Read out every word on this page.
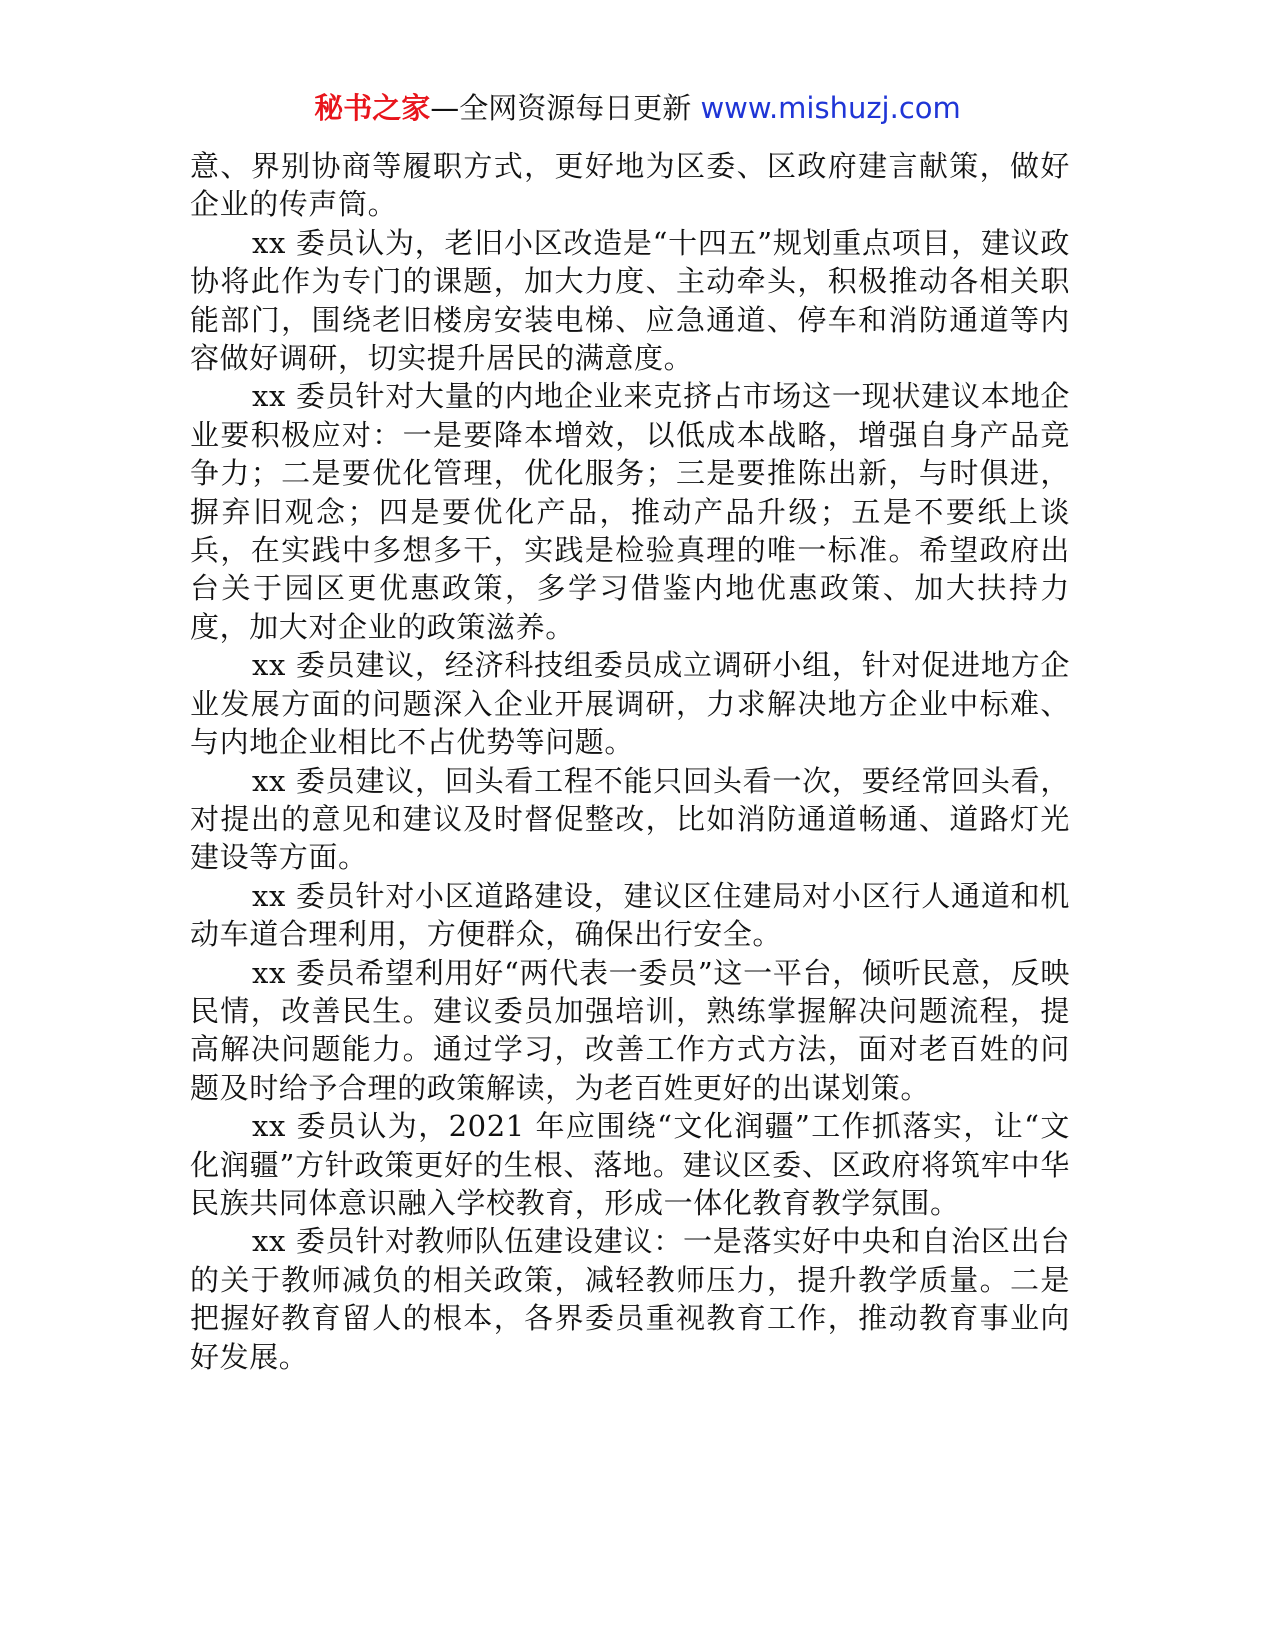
秘书之家—全网资源每日更新 www.mishuzj.com

意、界别协商等履职方式，更好地为区委、区政府建言献策，做好企业的传声筒。

xx 委员认为，老旧小区改造是“十四五”规划重点项目，建议政协将此作为专门的课题，加大力度、主动牵头，积极推动各相关职能部门，围绕老旧楼房安装电梯、应急通道、停车和消防通道等内容做好调研，切实提升居民的满意度。

xx 委员针对大量的内地企业来克挤占市场这一现状建议本地企业要积极应对：一是要降本增效，以低成本战略，增强自身产品竞争力；二是要优化管理，优化服务；三是要推陈出新，与时俱进，摒弃旧观念；四是要优化产品，推动产品升级；五是不要纸上谈兵，在实践中多想多干，实践是检验真理的唯一标准。希望政府出台关于园区更优惠政策，多学习借鉴内地优惠政策、加大扶持力度，加大对企业的政策滋养。

xx 委员建议，经济科技组委员成立调研小组，针对促进地方企业发展方面的问题深入企业开展调研，力求解决地方企业中标难、与内地企业相比不占优势等问题。

xx 委员建议，回头看工程不能只回头看一次，要经常回头看，对提出的意见和建议及时督促整改，比如消防通道畅通、道路灯光建设等方面。

xx 委员针对小区道路建设，建议区住建局对小区行人通道和机动车道合理利用，方便群众，确保出行安全。

xx 委员希望利用好“两代表一委员”这一平台，倾听民意，反映民情，改善民生。建议委员加强培训，熟练掌握解决问题流程，提高解决问题能力。通过学习，改善工作方式方法，面对老百姓的问题及时给予合理的政策解读，为老百姓更好的出谋划策。

xx 委员认为，2021 年应围绕“文化润疆”工作抓落实，让“文化润疆”方针政策更好的生根、落地。建议区委、区政府将筑牢中华民族共同体意识融入学校教育，形成一体化教育教学氛围。

xx 委员针对教师队伍建设建议：一是落实好中央和自治区出台的关于教师减负的相关政策，减轻教师压力，提升教学质量。二是把握好教育留人的根本，各界委员重视教育工作，推动教育事业向好发展。
